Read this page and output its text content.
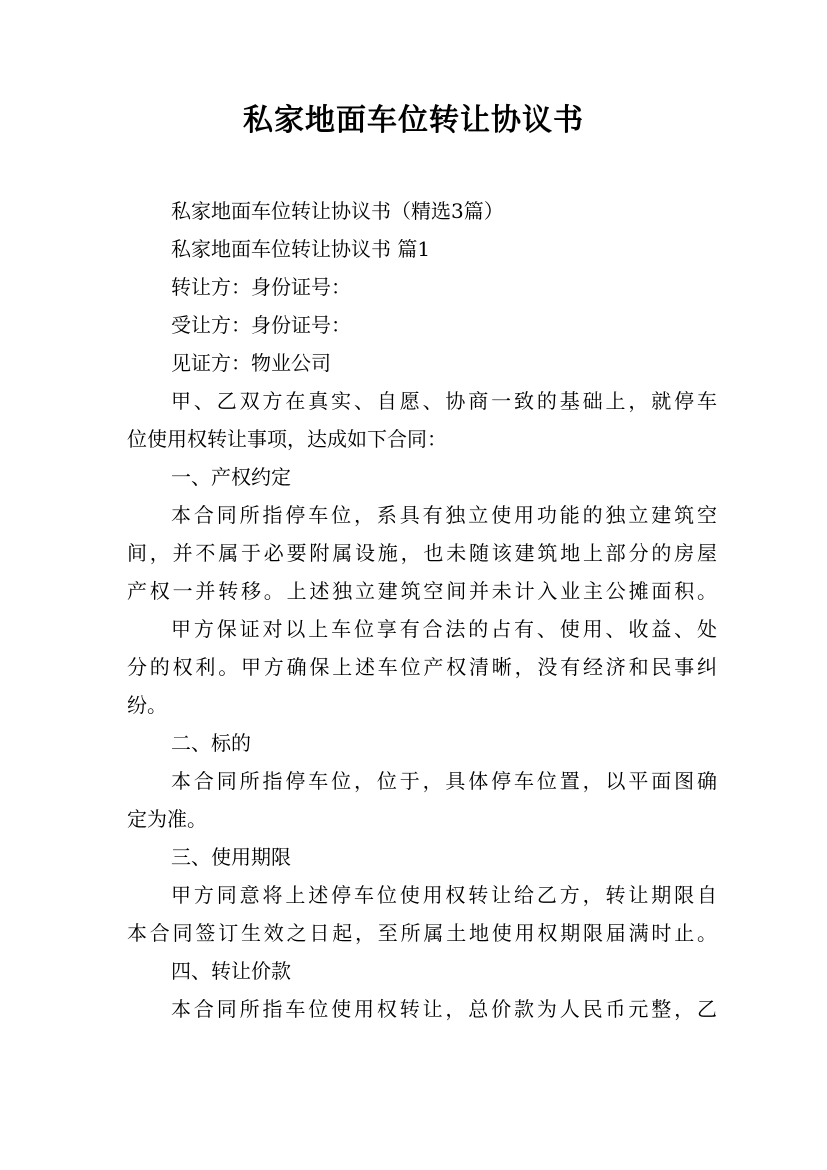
私家地面车位转让协议书

私家地面车位转让协议书（精选3篇）

私家地面车位转让协议书 篇1

转让方：身份证号：

受让方：身份证号：

见证方：物业公司

甲、乙双方在真实、自愿、协商一致的基础上，就停车

位使用权转让事项，达成如下合同：

一、产权约定

本合同所指停车位，系具有独立使用功能的独立建筑空

间，并不属于必要附属设施，也未随该建筑地上部分的房屋

产权一并转移。上述独立建筑空间并未计入业主公摊面积。

甲方保证对以上车位享有合法的占有、使用、收益、处

分的权利。甲方确保上述车位产权清晰，没有经济和民事纠

纷。

二、标的

本合同所指停车位，位于，具体停车位置，以平面图确

定为准。

三、使用期限

甲方同意将上述停车位使用权转让给乙方，转让期限自

本合同签订生效之日起，至所属土地使用权期限届满时止。

四、转让价款

本合同所指车位使用权转让，总价款为人民币元整，乙
